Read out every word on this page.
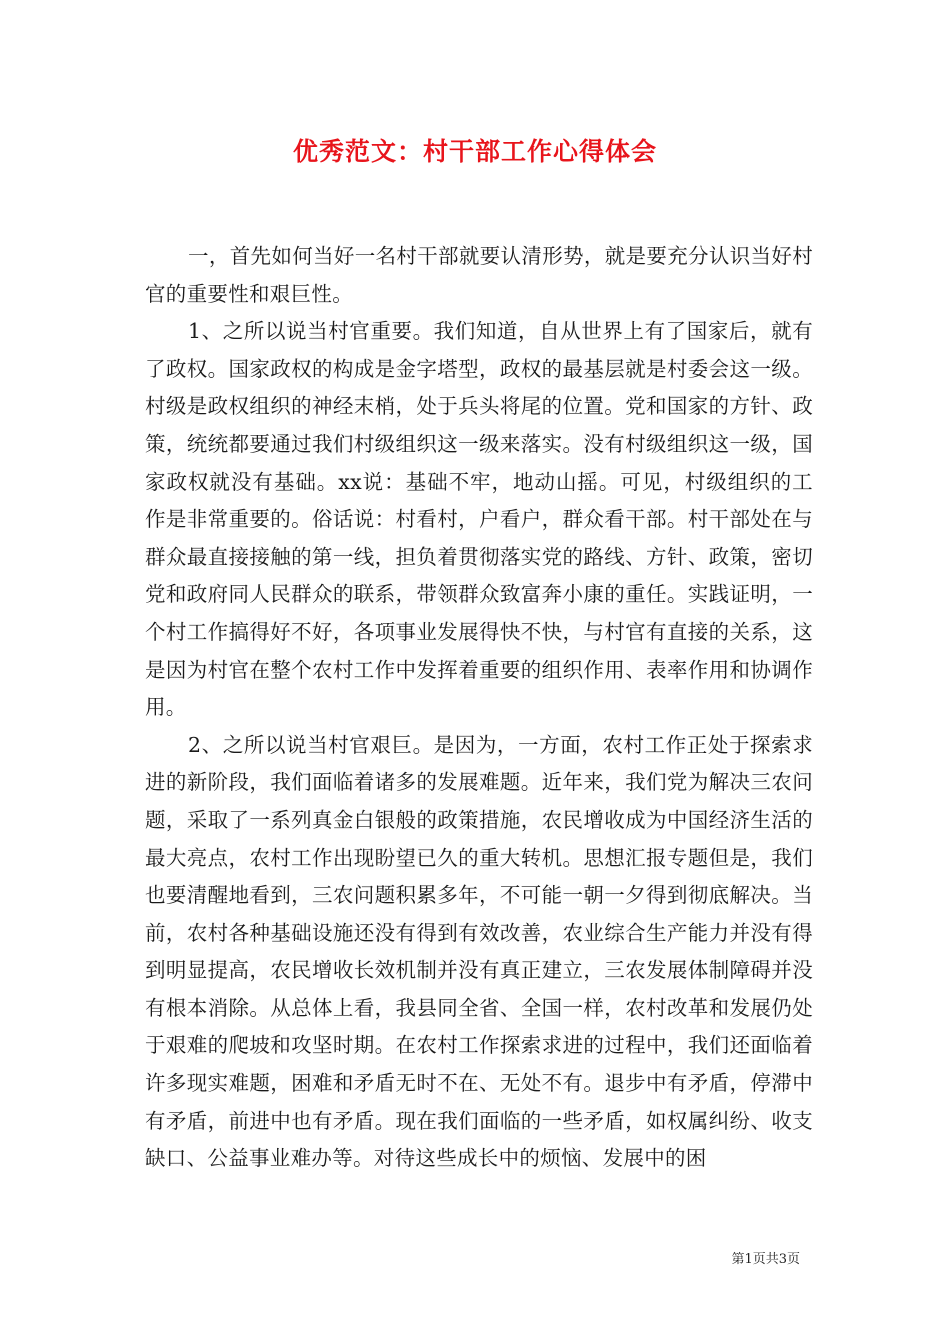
优秀范文：村干部工作心得体会

一，首先如何当好一名村干部就要认清形势，就是要充分认识当好村官的重要性和艰巨性。

1、之所以说当村官重要。我们知道，自从世界上有了国家后，就有了政权。国家政权的构成是金字塔型，政权的最基层就是村委会这一级。村级是政权组织的神经末梢，处于兵头将尾的位置。党和国家的方针、政策，统统都要通过我们村级组织这一级来落实。没有村级组织这一级，国家政权就没有基础。xx说：基础不牢，地动山摇。可见，村级组织的工作是非常重要的。俗话说：村看村，户看户，群众看干部。村干部处在与群众最直接接触的第一线，担负着贯彻落实党的路线、方针、政策，密切党和政府同人民群众的联系，带领群众致富奔小康的重任。实践证明，一个村工作搞得好不好，各项事业发展得快不快，与村官有直接的关系，这是因为村官在整个农村工作中发挥着重要的组织作用、表率作用和协调作用。

2、之所以说当村官艰巨。是因为，一方面，农村工作正处于探索求进的新阶段，我们面临着诸多的发展难题。近年来，我们党为解决三农问题，采取了一系列真金白银般的政策措施，农民增收成为中国经济生活的最大亮点，农村工作出现盼望已久的重大转机。思想汇报专题但是，我们也要清醒地看到，三农问题积累多年，不可能一朝一夕得到彻底解决。当前，农村各种基础设施还没有得到有效改善，农业综合生产能力并没有得到明显提高，农民增收长效机制并没有真正建立，三农发展体制障碍并没有根本消除。从总体上看，我县同全省、全国一样，农村改革和发展仍处于艰难的爬坡和攻坚时期。在农村工作探索求进的过程中，我们还面临着许多现实难题，困难和矛盾无时不在、无处不有。退步中有矛盾，停滞中有矛盾，前进中也有矛盾。现在我们面临的一些矛盾，如权属纠纷、收支缺口、公益事业难办等。对待这些成长中的烦恼、发展中的困

第1页共3页
